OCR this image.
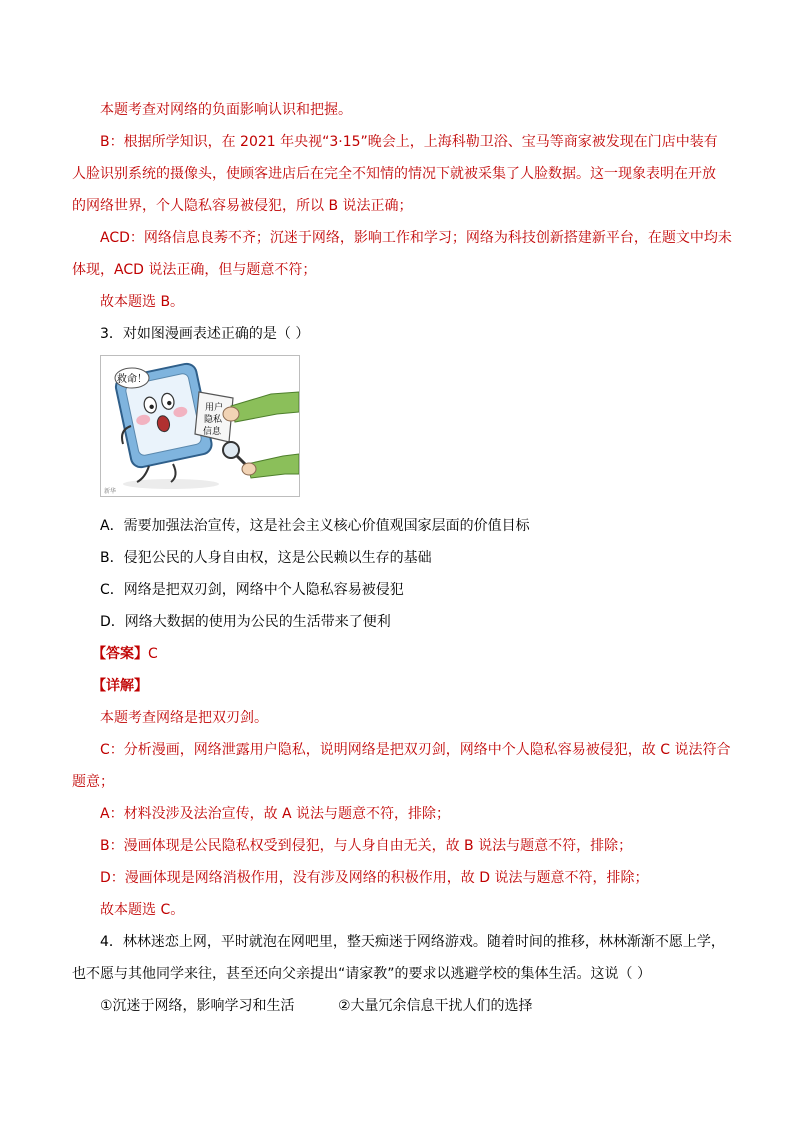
本题考查对网络的负面影响认识和把握。
B：根据所学知识，在 2021 年央视“3·15”晚会上，上海科勒卫浴、宝马等商家被发现在门店中装有
人脸识别系统的摄像头，使顾客进店后在完全不知情的情况下就被采集了人脸数据。这一现象表明在开放
的网络世界，个人隐私容易被侵犯，所以 B 说法正确；
ACD：网络信息良莠不齐；沉迷于网络，影响工作和学习；网络为科技创新搭建新平台，在题文中均未
体现，ACD 说法正确，但与题意不符；
故本题选 B。
3．对如图漫画表述正确的是（ ）
救命！
用户
隐私
信息
新华
A．需要加强法治宣传，这是社会主义核心价值观国家层面的价值目标
B．侵犯公民的人身自由权，这是公民赖以生存的基础
C．网络是把双刃剑，网络中个人隐私容易被侵犯
D．网络大数据的使用为公民的生活带来了便利
【答案】C
【详解】
本题考查网络是把双刃剑。
C：分析漫画，网络泄露用户隐私，说明网络是把双刃剑，网络中个人隐私容易被侵犯，故 C 说法符合
题意；
A：材料没涉及法治宣传，故 A 说法与题意不符，排除；
B：漫画体现是公民隐私权受到侵犯，与人身自由无关，故 B 说法与题意不符，排除；
D：漫画体现是网络消极作用，没有涉及网络的积极作用，故 D 说法与题意不符，排除；
故本题选 C。
4．林林迷恋上网，平时就泡在网吧里，整天痴迷于网络游戏。随着时间的推移，林林渐渐不愿上学，
也不愿与其他同学来往，甚至还向父亲提出“请家教”的要求以逃避学校的集体生活。这说（ ）
①沉迷于网络，影响学习和生活	②大量冗余信息干扰人们的选择
